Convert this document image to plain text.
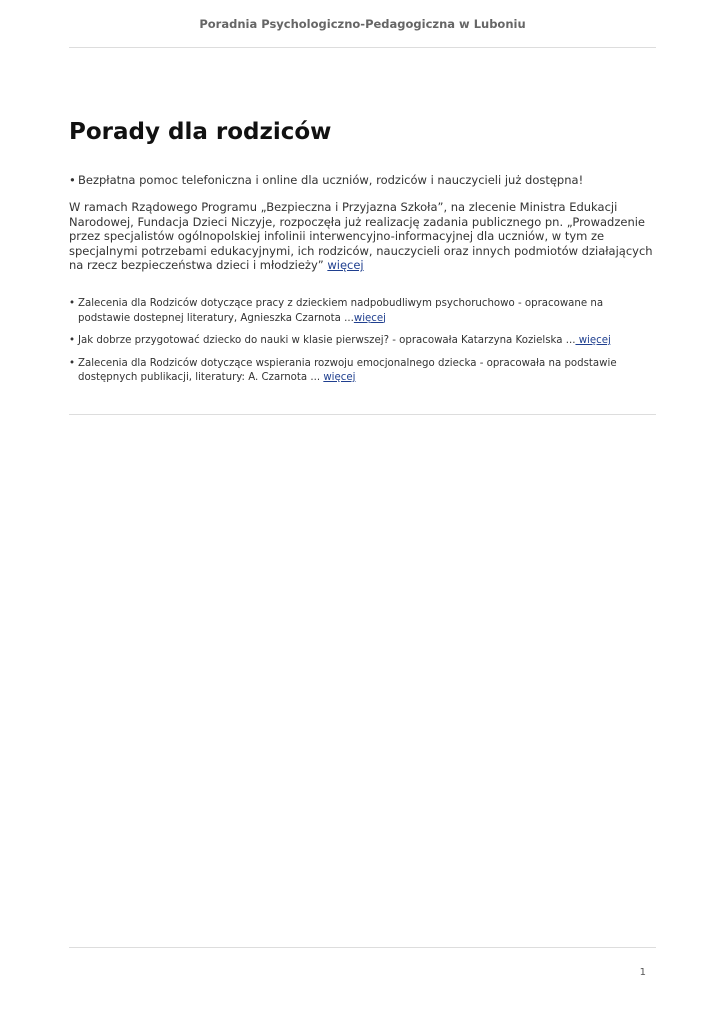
Poradnia Psychologiczno-Pedagogiczna w Luboniu
Porady dla rodziców
• Bezpłatna pomoc telefoniczna i online dla uczniów, rodziców i nauczycieli już dostępna!
W ramach Rządowego Programu „Bezpieczna i Przyjazna Szkoła”, na zlecenie Ministra Edukacji Narodowej, Fundacja Dzieci Niczyje, rozpoczęła już realizację zadania publicznego pn. „Prowadzenie przez specjalistów ogólnopolskiej infolinii interwencyjno-informacyjnej dla uczniów, w tym ze specjalnymi potrzebami edukacyjnymi, ich rodziców, nauczycieli oraz innych podmiotów działających na rzecz bezpieczeństwa dzieci i młodzieży” więcej
• Zalecenia dla Rodziców dotyczące pracy z dzieckiem nadpobudliwym psychoruchowo - opracowane na podstawie dostepnej literatury, Agnieszka Czarnota ...więcej
• Jak dobrze przygotować dziecko do nauki w klasie pierwszej? - opracowała Katarzyna Kozielska ... więcej
• Zalecenia dla Rodziców dotyczące wspierania rozwoju emocjonalnego dziecka - opracowała na podstawie dostępnych publikacji, literatury: A. Czarnota ... więcej
1
